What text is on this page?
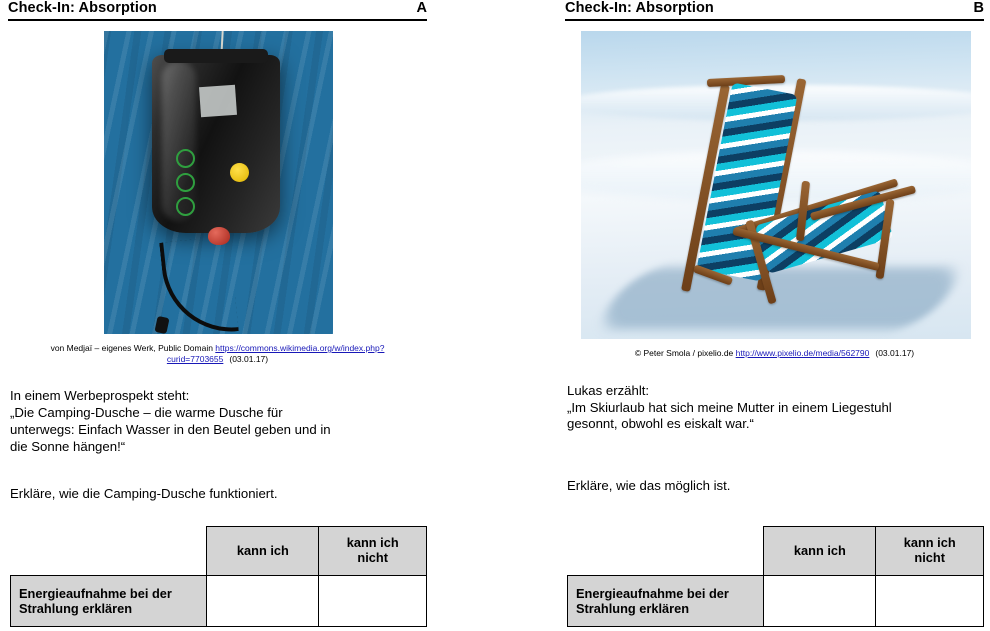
Check-In: Absorption	A
von Medjaï – eigenes Werk, Public Domain https://commons.wikimedia.org/w/index.php?curid=7703655 (03.01.17)

In einem Werbeprospekt steht:

„Die Camping-Dusche – die warme Dusche für

unterwegs: Einfach Wasser in den Beutel geben und in

die Sonne hängen!“

Erkläre, wie die Camping-Dusche funktioniert.

	kann ich	kann ich
nicht

Energieaufnahme bei der
Strahlung erklären		

Check-In: Absorption	B
© Peter Smola / pixelio.de http://www.pixelio.de/media/562790 (03.01.17)

Lukas erzählt:

„Im Skiurlaub hat sich meine Mutter in einem Liegestuhl

gesonnt, obwohl es eiskalt war.“

Erkläre, wie das möglich ist.

	kann ich	kann ich
nicht

Energieaufnahme bei der
Strahlung erklären		
